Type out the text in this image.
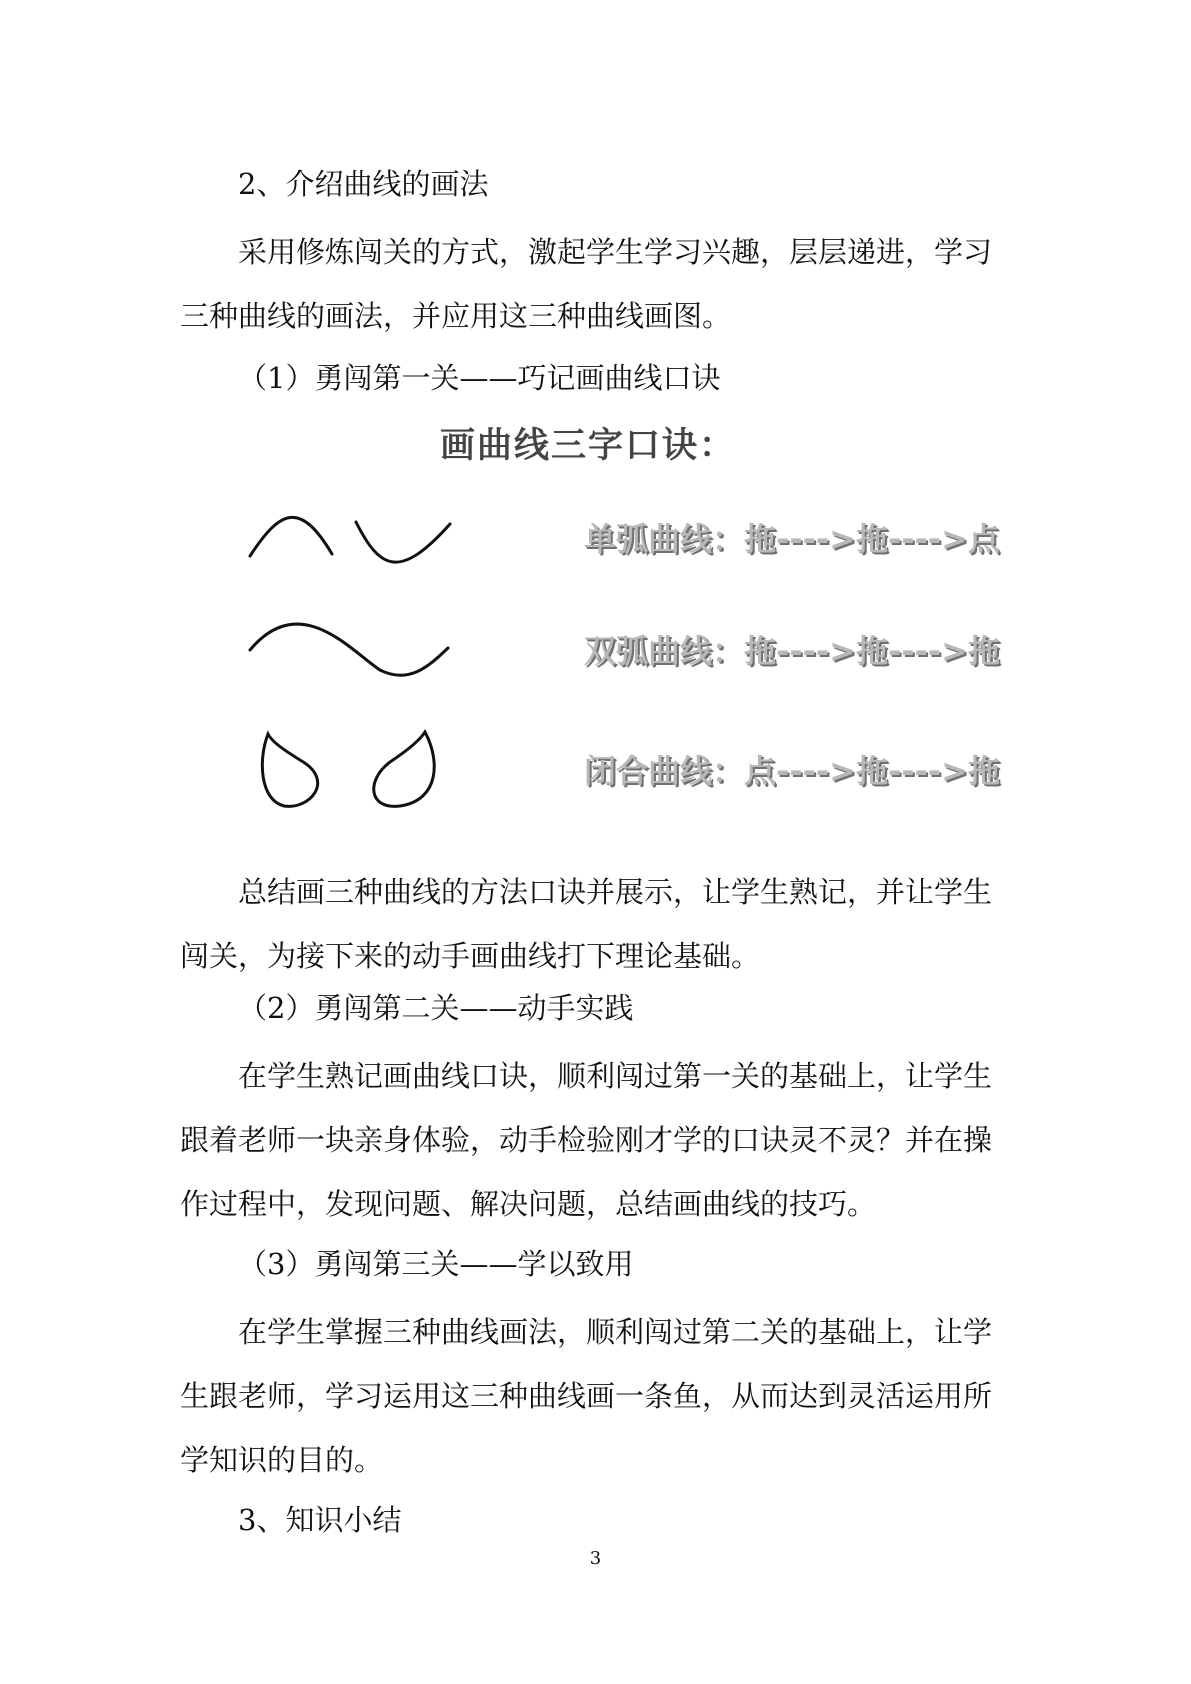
2、介绍曲线的画法

采用修炼闯关的方式，激起学生学习兴趣，层层递进，学习三种曲线的画法，并应用这三种曲线画图。

（1）勇闯第一关——巧记画曲线口诀

画曲线三字口诀：
单弧曲线：拖---->拖---->点
双弧曲线：拖---->拖---->拖
闭合曲线：点---->拖---->拖

总结画三种曲线的方法口诀并展示，让学生熟记，并让学生闯关，为接下来的动手画曲线打下理论基础。

（2）勇闯第二关——动手实践

在学生熟记画曲线口诀，顺利闯过第一关的基础上，让学生跟着老师一块亲身体验，动手检验刚才学的口诀灵不灵？并在操作过程中，发现问题、解决问题，总结画曲线的技巧。

（3）勇闯第三关——学以致用

在学生掌握三种曲线画法，顺利闯过第二关的基础上，让学生跟老师，学习运用这三种曲线画一条鱼，从而达到灵活运用所学知识的目的。

3、知识小结

3
